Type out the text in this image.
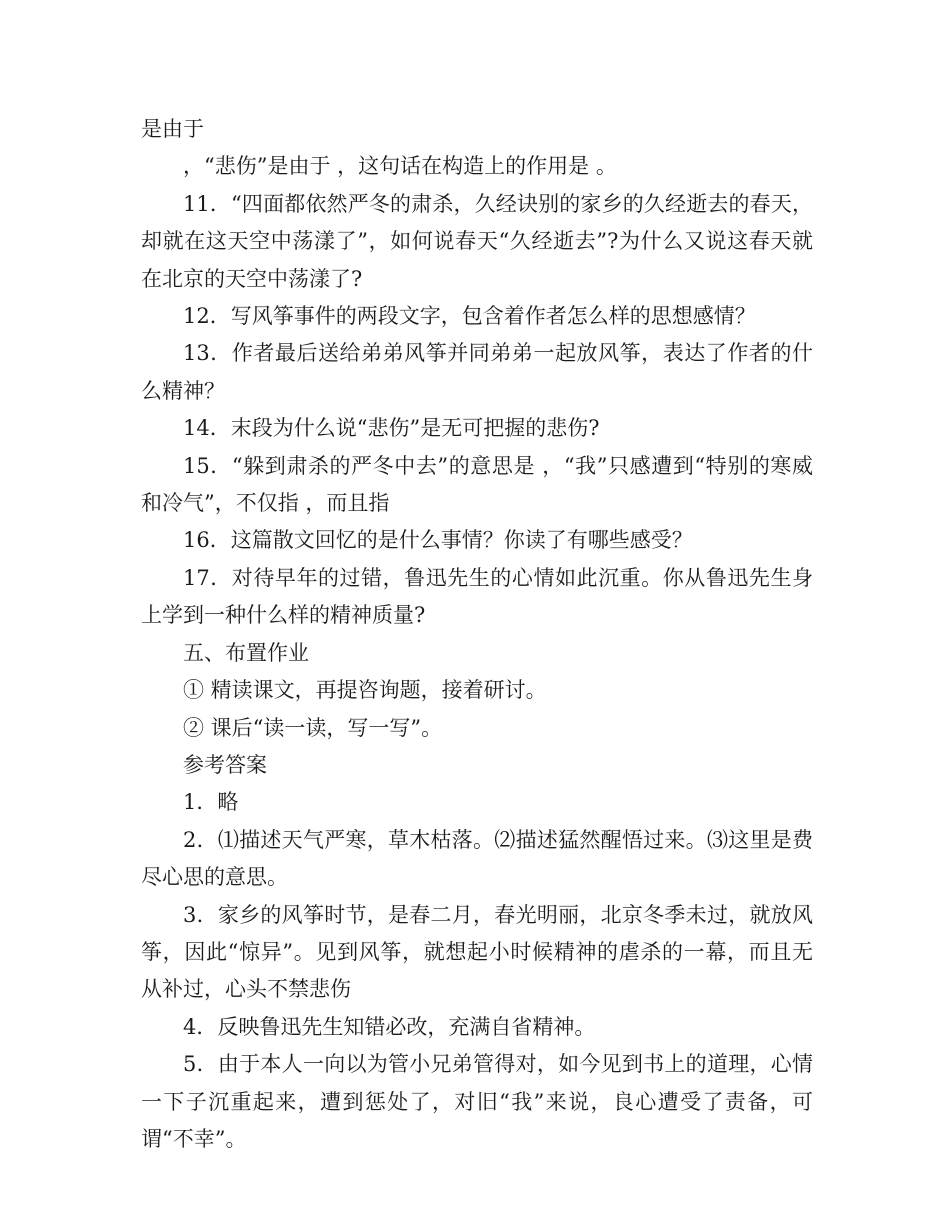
是由于

，“悲伤”是由于 ，这句话在构造上的作用是 。

11．“四面都依然严冬的肃杀，久经诀别的家乡的久经逝去的春天，却就在这天空中荡漾了”，如何说春天“久经逝去”?为什么又说这春天就在北京的天空中荡漾了?

12．写风筝事件的两段文字，包含着作者怎么样的思想感情？

13．作者最后送给弟弟风筝并同弟弟一起放风筝，表达了作者的什么精神？

14．末段为什么说“悲伤”是无可把握的悲伤?

15．“躲到肃杀的严冬中去”的意思是 ，“我”只感遭到“特别的寒威和冷气”，不仅指 ，而且指

16．这篇散文回忆的是什么事情？你读了有哪些感受？

17．对待早年的过错，鲁迅先生的心情如此沉重。你从鲁迅先生身上学到一种什么样的精神质量?

五、布置作业

① 精读课文，再提咨询题，接着研讨。

② 课后“读一读，写一写”。

参考答案

1．略

2．⑴描述天气严寒，草木枯落。⑵描述猛然醒悟过来。⑶这里是费尽心思的意思。

3．家乡的风筝时节，是春二月，春光明丽，北京冬季未过，就放风筝，因此“惊异”。见到风筝，就想起小时候精神的虐杀的一幕，而且无从补过，心头不禁悲伤

4．反映鲁迅先生知错必改，充满自省精神。

5．由于本人一向以为管小兄弟管得对，如今见到书上的道理，心情一下子沉重起来，遭到惩处了，对旧“我”来说，良心遭受了责备，可谓“不幸”。
